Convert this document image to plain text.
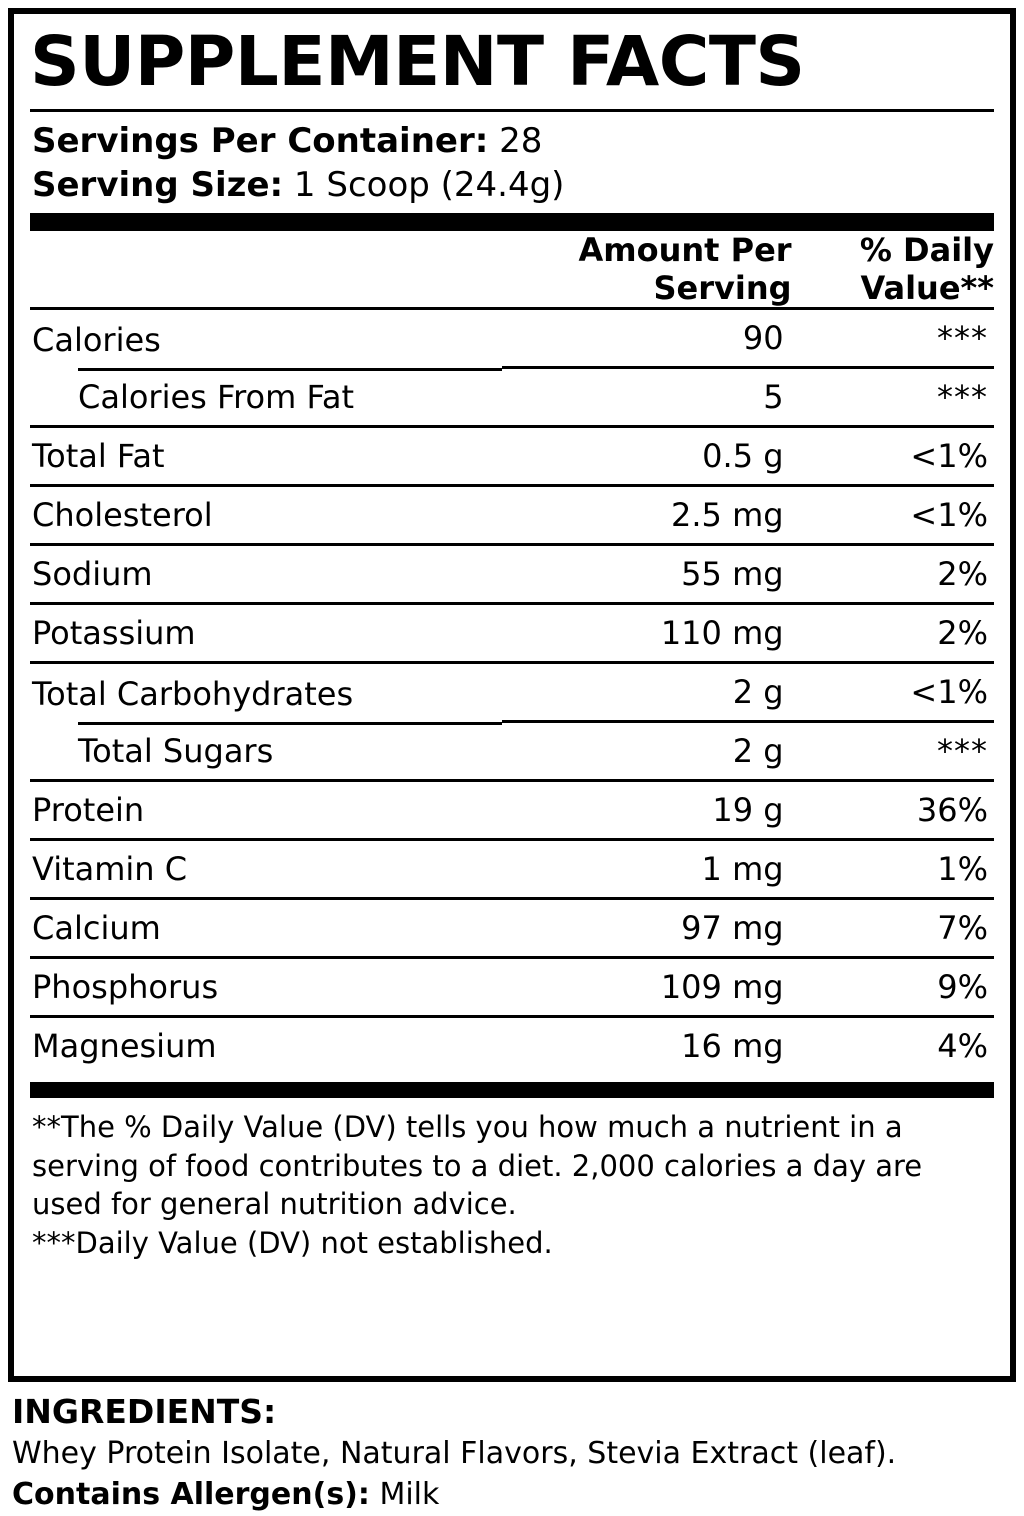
SUPPLEMENT FACTS
Servings Per Container: 28
Serving Size: 1 Scoop (24.4g)
	Amount Per Serving	% Daily Value**
Calories	90	***

Calories From Fat	5	***
Total Fat	0.5 g	<1%
Cholesterol	2.5 mg	<1%
Sodium	55 mg	2%
Potassium	110 mg	2%
Total Carbohydrates	2 g	<1%

Total Sugars	2 g	***
Protein	19 g	36%
Vitamin C	1 mg	1%
Calcium	97 mg	7%
Phosphorus	109 mg	9%
Magnesium	16 mg	4%

**The % Daily Value (DV) tells you how much a nutrient in a serving of food contributes to a diet. 2,000 calories a day are used for general nutrition advice.

***Daily Value (DV) not established.

INGREDIENTS:
Whey Protein Isolate, Natural Flavors, Stevia Extract (leaf).
Contains Allergen(s): Milk
